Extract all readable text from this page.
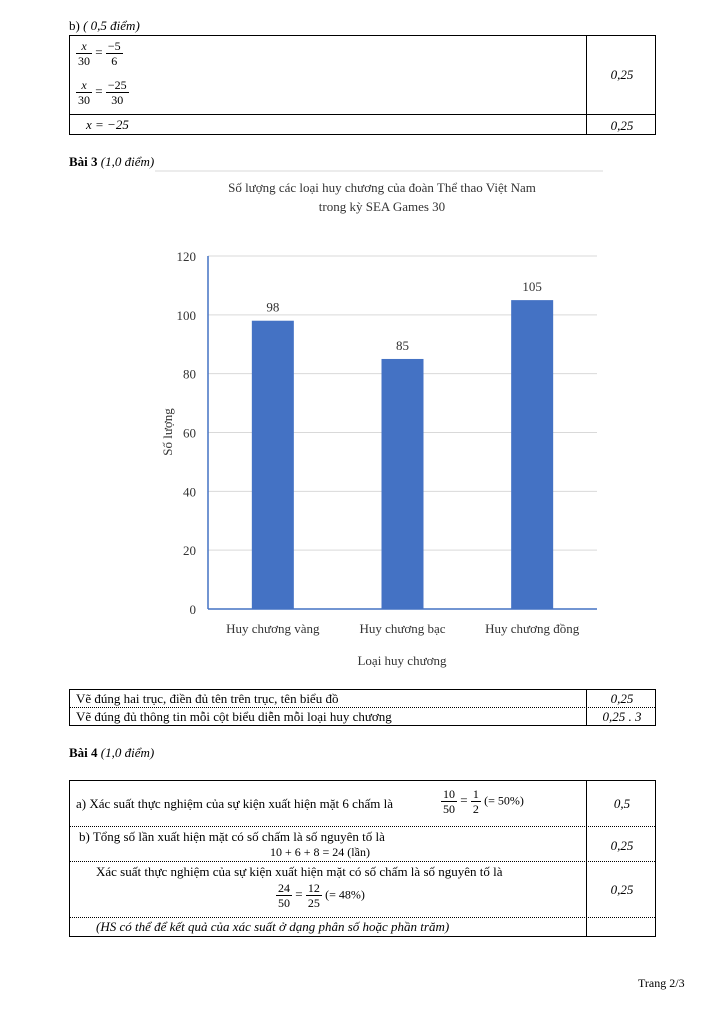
b) ( 0,5 điểm)
$\frac{x}{30} = \frac{-5}{6}$
$\frac{x}{30} = \frac{-25}{30}$
0,25
x = −25	0,25
Bài 3 (1,0 điểm)
Số lượng các loại huy chương của đoàn Thể thao Việt Nam
trong kỳ SEA Games 30
0
20
40
60
80
100
120
98
Huy chương vàng
85
Huy chương bạc
105
Huy chương đồng
Loại huy chương
Số lượng
Vẽ đúng hai trục, điền đủ tên trên trục, tên biểu đồ	0,25
Vẽ đúng đủ thông tin mỗi cột biểu diễn mỗi loại huy chương	0,25 . 3
Bài 4 (1,0 điểm)
a) Xác suất thực nghiệm của sự kiện xuất hiện mặt 6 chấm là	$\frac{10}{50} = \frac{1}{2}$ (= 50%)	0,5
b) Tổng số lần xuất hiện mặt có số chấm là số nguyên tố là
10 + 6 + 8 = 24 (lần)	0,25
Xác suất thực nghiệm của sự kiện xuất hiện mặt có số chấm là số nguyên tố là
$\frac{24}{50} = \frac{12}{25}$ (= 48%)	0,25
(HS có thể để kết quả của xác suất ở dạng phân số hoặc phần trăm)
Trang 2/3
